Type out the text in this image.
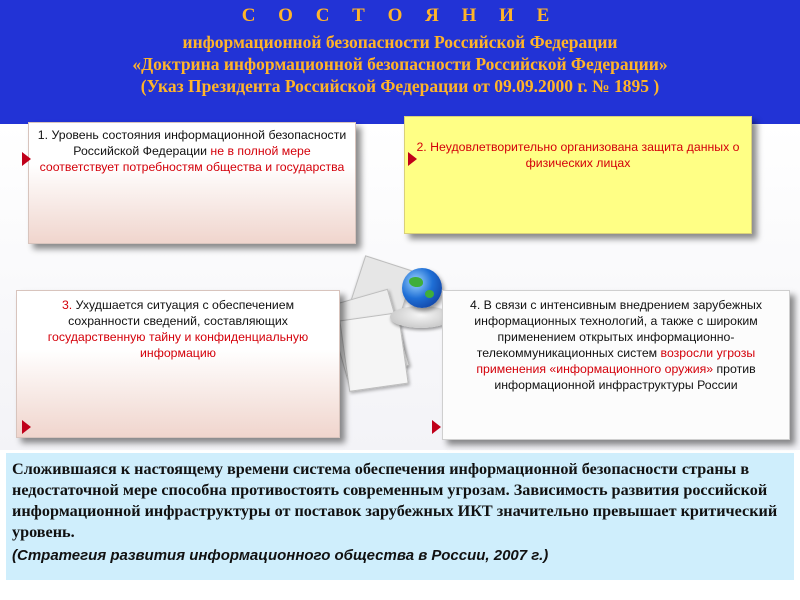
С О С Т О Я Н И Е
информационной безопасности Российской Федерации
«Доктрина информационной безопасности Российской Федерации»
(Указ Президента Российской Федерации от 09.09.2000 г. № 1895 )
1. Уровень состояния информационной безопасности Российской Федерации не в полной мере соответствует потребностям общества и государства
2. Неудовлетворительно организована защита данных о физических лицах
3. Ухудшается ситуация с обеспечением сохранности сведений, составляющих государственную тайну и конфиденциальную информацию
4. В связи с интенсивным внедрением зарубежных информационных технологий, а также с широким применением открытых информационно-телекоммуникационных систем возросли угрозы применения «информационного оружия» против информационной инфраструктуры России
Сложившаяся к настоящему времени система обеспечения информационной безопасности страны в недостаточной мере способна противостоять современным угрозам. Зависимость развития российской информационной инфраструктуры от поставок зарубежных ИКТ значительно превышает критический уровень.
(Стратегия развития информационного общества в России, 2007 г.)
